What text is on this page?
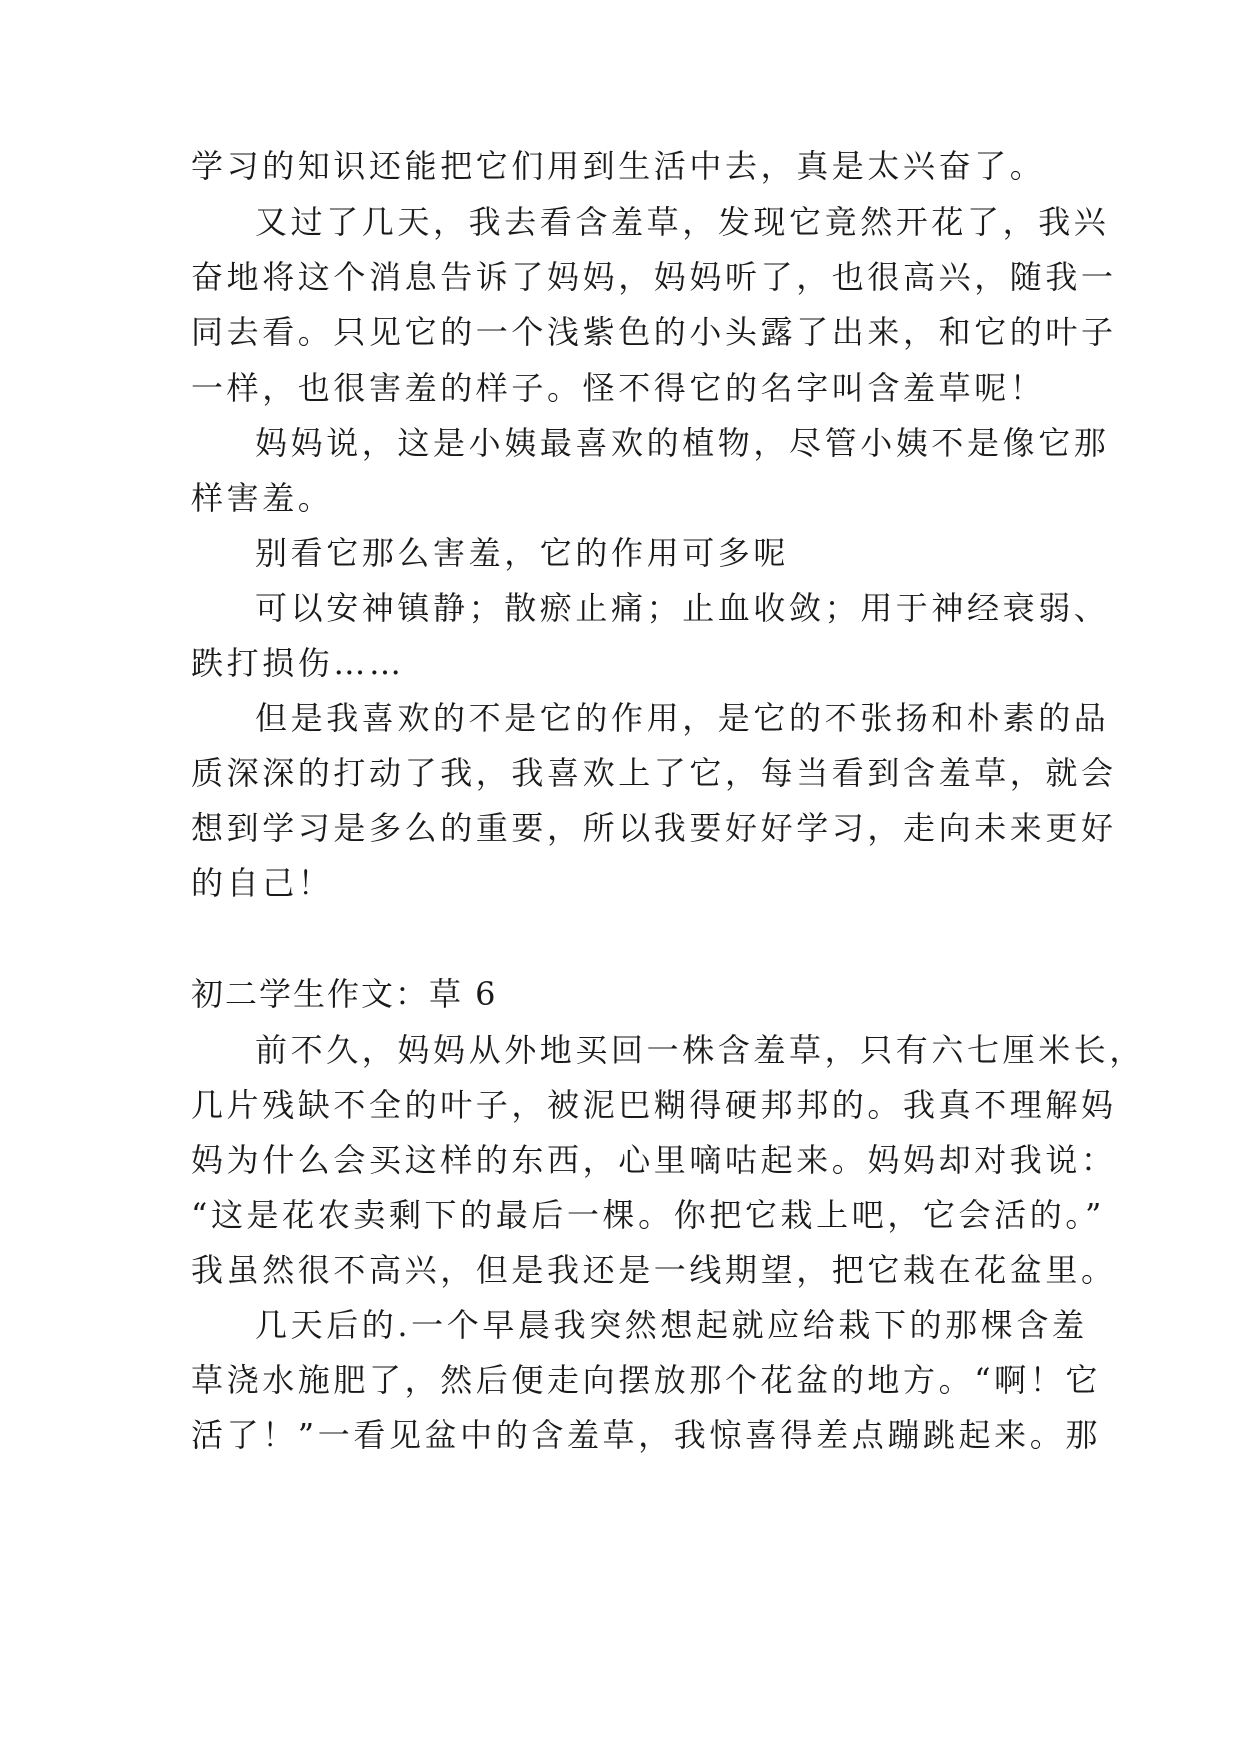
学习的知识还能把它们用到生活中去，真是太兴奋了。
又过了几天，我去看含羞草，发现它竟然开花了，我兴
奋地将这个消息告诉了妈妈，妈妈听了，也很高兴，随我一
同去看。只见它的一个浅紫色的小头露了出来，和它的叶子
一样，也很害羞的样子。怪不得它的名字叫含羞草呢！
妈妈说，这是小姨最喜欢的植物，尽管小姨不是像它那
样害羞。
别看它那么害羞，它的作用可多呢
可以安神镇静；散瘀止痛；止血收敛；用于神经衰弱、
跌打损伤……
但是我喜欢的不是它的作用，是它的不张扬和朴素的品
质深深的打动了我，我喜欢上了它，每当看到含羞草，就会
想到学习是多么的重要，所以我要好好学习，走向未来更好
的自己！
初二学生作文：草 6
前不久，妈妈从外地买回一株含羞草，只有六七厘米长，
几片残缺不全的叶子，被泥巴糊得硬邦邦的。我真不理解妈
妈为什么会买这样的东西，心里嘀咕起来。妈妈却对我说：
“这是花农卖剩下的最后一棵。你把它栽上吧，它会活的。”
我虽然很不高兴，但是我还是一线期望，把它栽在花盆里。
几天后的.一个早晨我突然想起就应给栽下的那棵含羞
草浇水施肥了，然后便走向摆放那个花盆的地方。“啊！它
活了！”一看见盆中的含羞草，我惊喜得差点蹦跳起来。那
